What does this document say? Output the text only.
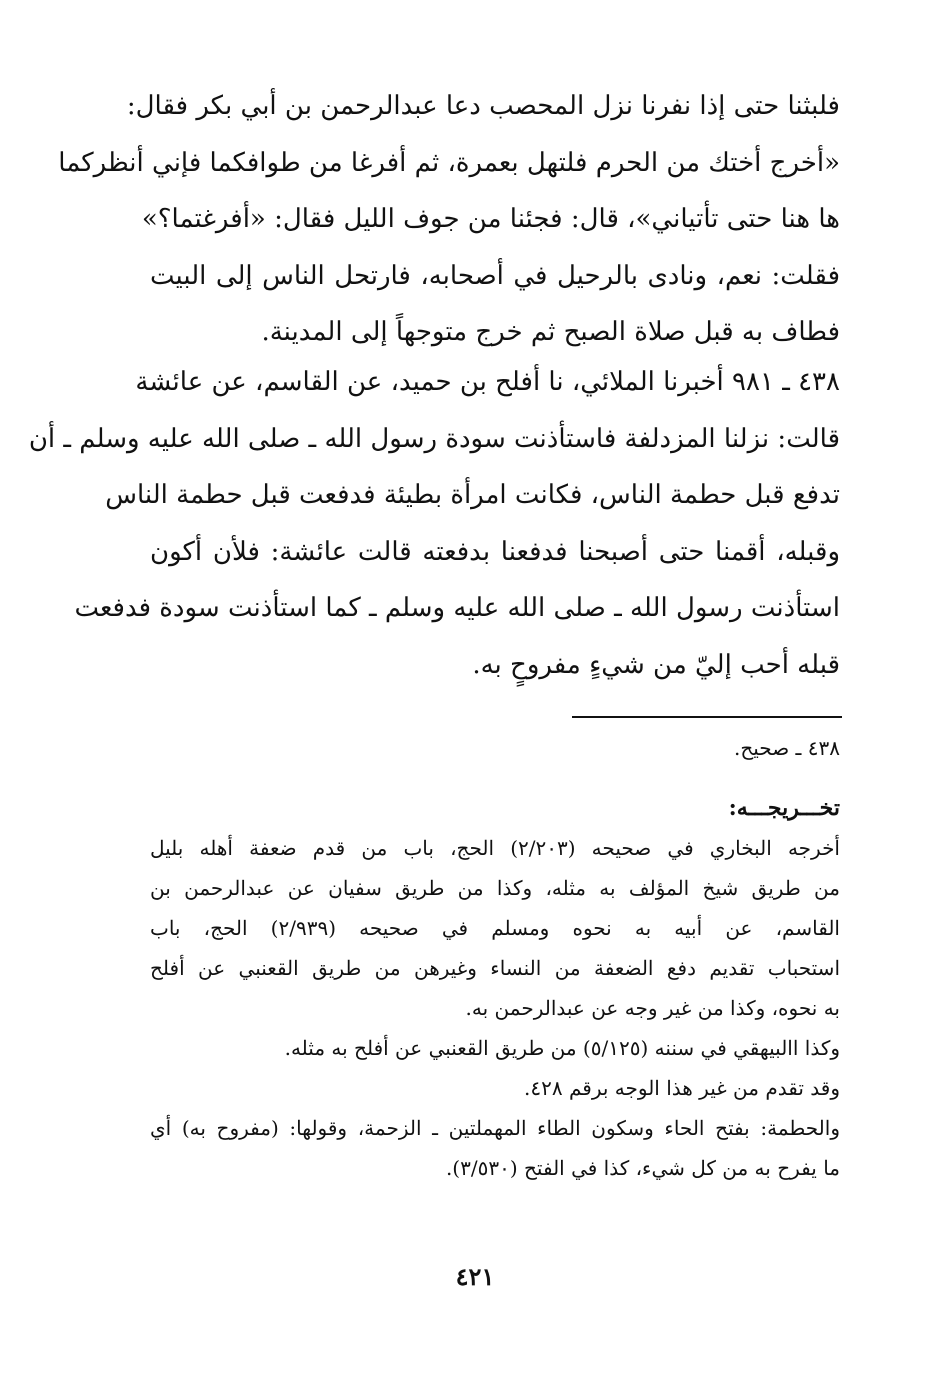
فلبثنا حتى إذا نفرنا نزل المحصب دعا عبدالرحمن بن أبي بكر فقال:
«أخرج أختك من الحرم فلتهل بعمرة، ثم أفرغا من طوافكما فإني أنظركما
ها هنا حتى تأتياني»، قال: فجئنا من جوف الليل فقال: «أفرغتما؟»
فقلت: نعم، ونادى بالرحيل في أصحابه، فارتحل الناس إلى البيت
فطاف به قبل صلاة الصبح ثم خرج متوجهاً إلى المدينة.
٤٣٨ ـ ٩٨١ أخبرنا الملائي، نا أفلح بن حميد، عن القاسم، عن عائشة
قالت: نزلنا المزدلفة فاستأذنت سودة رسول الله ـ صلى الله عليه وسلم ـ أن
تدفع قبل حطمة الناس، فكانت امرأة بطيئة فدفعت قبل حطمة الناس
وقبله، أقمنا حتى أصبحنا فدفعنا بدفعته قالت عائشة: فلأن أكون
استأذنت رسول الله ـ صلى الله عليه وسلم ـ كما استأذنت سودة فدفعت
قبله أحب إليّ من شيءٍ مفروحٍ به.
٤٣٨ ـ صحيح.
تخـــريجـــه:
أخرجه البخاري في صحيحه (٢/٢٠٣) الحج، باب من قدم ضعفة أهله بليل
من طريق شيخ المؤلف به مثله، وكذا من طريق سفيان عن عبدالرحمن بن
القاسم، عن أبيه به نحوه ومسلم في صحيحه (٢/٩٣٩) الحج، باب
استحباب تقديم دفع الضعفة من النساء وغيرهن من طريق القعنبي عن أفلح
به نحوه، وكذا من غير وجه عن عبدالرحمن به.
وكذا االبيهقي في سننه (٥/١٢٥) من طريق القعنبي عن أفلح به مثله.
وقد تقدم من غير هذا الوجه برقم ٤٢٨.
والحطمة: بفتح الحاء وسكون الطاء المهملتين ـ الزحمة، وقولها: (مفروح به) أي
ما يفرح به من كل شيء، كذا في الفتح (٣/٥٣٠).
٤٢١
